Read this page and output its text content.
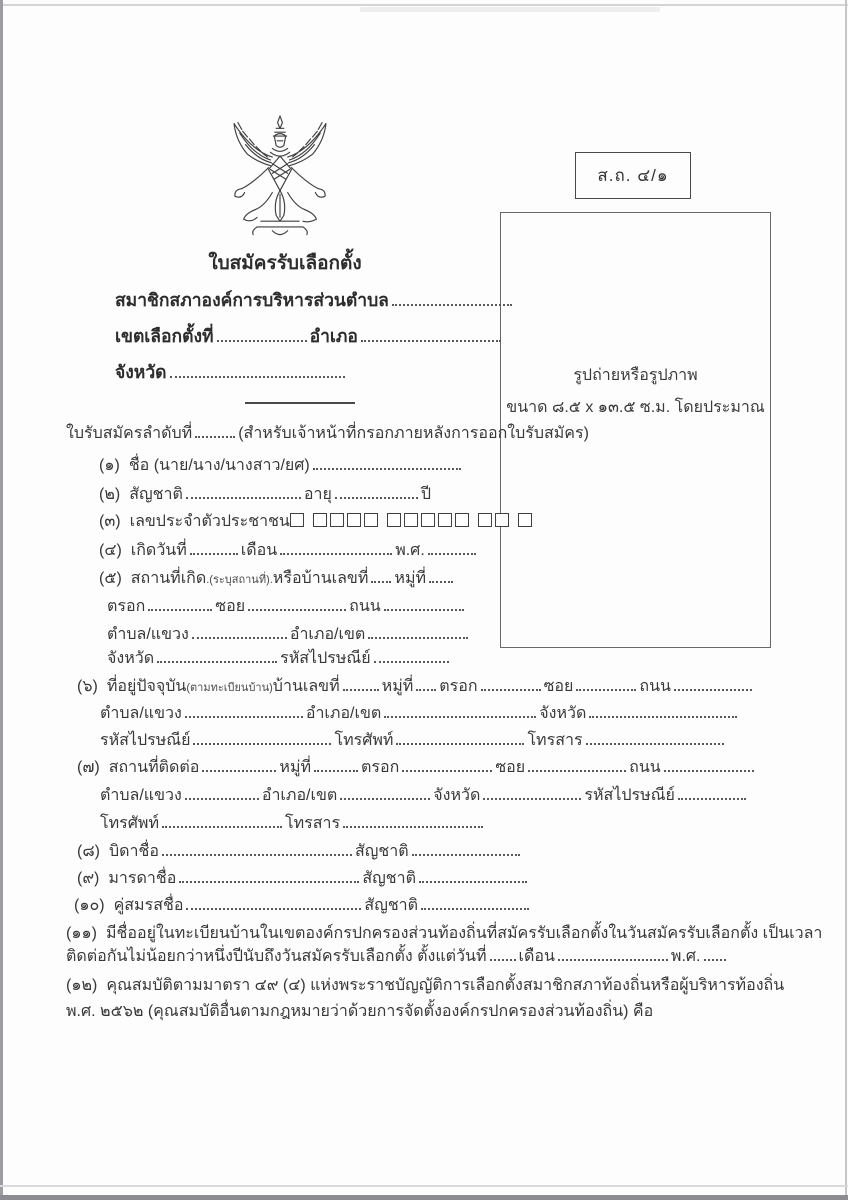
ส.ถ. ๔/๑
รูปถ่ายหรือรูปภาพ
ขนาด ๘.๕ x ๑๓.๕ ซ.ม. โดยประมาณ
ใบสมัครรับเลือกตั้ง
สมาชิกสภาองค์การบริหารส่วนตำบล
เขตเลือกตั้งที่	อำเภอ
จังหวัด
ใบรับสมัครลำดับที่	(สำหรับเจ้าหน้าที่กรอกภายหลังการออกใบรับสมัคร)
(๑) ชื่อ (นาย/นาง/นางสาว/ยศ)
(๒) สัญชาติ	อายุ	ปี
(๓) เลขประจำตัวประชาชน
(๔) เกิดวันที่	เดือน	พ.ศ.
(๕) สถานที่เกิด.(ระบุสถานที่).หรือบ้านเลขที่ หมู่ที่
ตรอก	ซอย	ถนน
ตำบล/แขวง	อำเภอ/เขต
จังหวัด	รหัสไปรษณีย์
(๖) ที่อยู่ปัจจุบัน(ตามทะเบียนบ้าน)บ้านเลขที่	หมู่ที่ ตรอก	ซอย	ถนน
ตำบล/แขวง	อำเภอ/เขต	จังหวัด
รหัสไปรษณีย์	โทรศัพท์	โทรสาร
(๗) สถานที่ติดต่อ	หมู่ที่	ตรอก	ซอย	ถนน
ตำบล/แขวง	อำเภอ/เขต	จังหวัด	รหัสไปรษณีย์
โทรศัพท์	โทรสาร
(๘) บิดาชื่อ	สัญชาติ
(๙) มารดาชื่อ	สัญชาติ
(๑๐) คู่สมรสชื่อ	สัญชาติ
(๑๑) มีชื่ออยู่ในทะเบียนบ้านในเขตองค์กรปกครองส่วนท้องถิ่นที่สมัครรับเลือกตั้งในวันสมัครรับเลือกตั้ง เป็นเวลา
ติดต่อกันไม่น้อยกว่าหนึ่งปีนับถึงวันสมัครรับเลือกตั้ง ตั้งแต่วันที่ เดือน	พ.ศ.
(๑๒) คุณสมบัติตามมาตรา ๔๙ (๔) แห่งพระราชบัญญัติการเลือกตั้งสมาชิกสภาท้องถิ่นหรือผู้บริหารท้องถิ่น
พ.ศ. ๒๕๖๒ (คุณสมบัติอื่นตามกฎหมายว่าด้วยการจัดตั้งองค์กรปกครองส่วนท้องถิ่น) คือ
